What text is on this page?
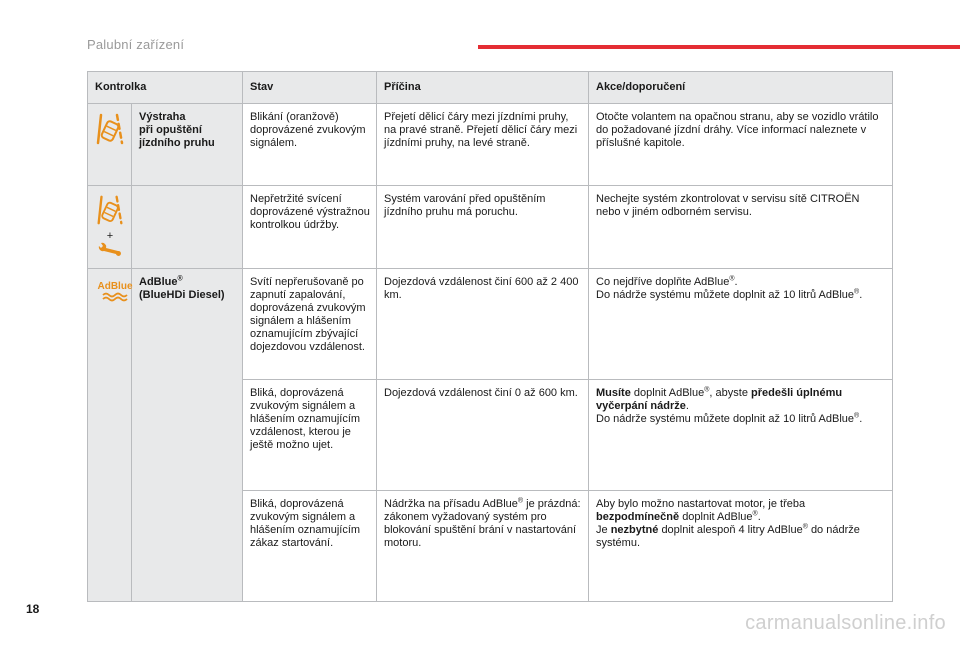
Palubní zařízení
Kontrolka		Stav	Příčina	Akce/doporučení
	Výstraha
při opuštění
jízdního pruhu	Blikání (oranžově) doprovázené zvukovým signálem.	Přejetí dělicí čáry mezi jízdními pruhy, na pravé straně. Přejetí dělicí čáry mezi jízdními pruhy, na levé straně.	Otočte volantem na opačnou stranu, aby se vozidlo vrátilo do požadované jízdní dráhy. Více informací naleznete v příslušné kapitole.

+		Nepřetržité svícení doprovázené výstražnou kontrolkou údržby.	Systém varování před opuštěním jízdního pruhu má poruchu.	Nechejte systém zkontrolovat v servisu sítě CITROËN nebo v jiném odborném servisu.

AdBlue	AdBlue®
(BlueHDi Diesel)	Svítí nepřerušovaně po zapnutí zapalování, doprovázená zvukovým signálem a hlášením oznamujícím zbývající dojezdovou vzdálenost.	Dojezdová vzdálenost činí 600 až 2 400 km.	Co nejdříve doplňte AdBlue®.
Do nádrže systému můžete doplnit až 10 litrů AdBlue®.
		Bliká, doprovázená zvukovým signálem a hlášením oznamujícím vzdálenost, kterou je ještě možno ujet.	Dojezdová vzdálenost činí 0 až 600 km.	Musíte doplnit AdBlue®, abyste předešli úplnému vyčerpání nádrže.
Do nádrže systému můžete doplnit až 10 litrů AdBlue®.
		Bliká, doprovázená zvukovým signálem a hlášením oznamujícím zákaz startování.	Nádržka na přísadu AdBlue® je prázdná: zákonem vyžadovaný systém pro blokování spuštění brání v nastartování motoru.	Aby bylo možno nastartovat motor, je třeba bezpodmínečně doplnit AdBlue®.
Je nezbytné doplnit alespoň 4 litry AdBlue® do nádrže systému.
18
carmanualsonline.info
